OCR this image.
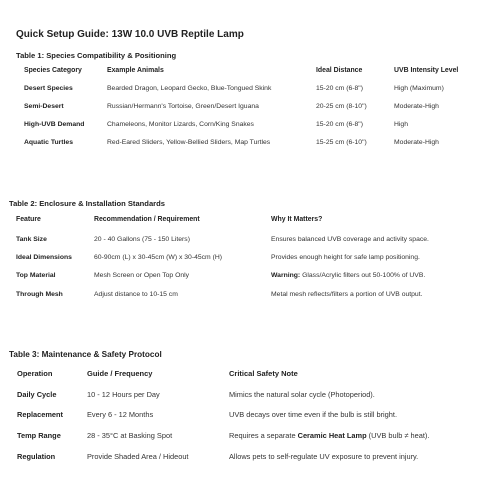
Quick Setup Guide: 13W 10.0 UVB Reptile Lamp
Table 1: Species Compatibility & Positioning
Species Category	Example Animals	Ideal Distance	UVB Intensity Level
Desert Species	Bearded Dragon, Leopard Gecko, Blue-Tongued Skink	15-20 cm (6-8")	High (Maximum)
Semi-Desert	Russian/Hermann's Tortoise, Green/Desert Iguana	20-25 cm (8-10")	Moderate-High
High-UVB Demand	Chameleons, Monitor Lizards, Corn/King Snakes	15-20 cm (6-8")	High
Aquatic Turtles	Red-Eared Sliders, Yellow-Bellied Sliders, Map Turtles	15-25 cm (6-10")	Moderate-High
Table 2: Enclosure & Installation Standards
Feature	Recommendation / Requirement	Why It Matters?
Tank Size	20 - 40 Gallons (75 - 150 Liters)	Ensures balanced UVB coverage and activity space.
Ideal Dimensions	60-90cm (L) x 30-45cm (W) x 30-45cm (H)	Provides enough height for safe lamp positioning.
Top Material	Mesh Screen or Open Top Only	Warning: Glass/Acrylic filters out 50-100% of UVB.
Through Mesh	Adjust distance to 10-15 cm	Metal mesh reflects/filters a portion of UVB output.
Table 3: Maintenance & Safety Protocol
Operation	Guide / Frequency	Critical Safety Note
Daily Cycle	10 - 12 Hours per Day	Mimics the natural solar cycle (Photoperiod).
Replacement	Every 6 - 12 Months	UVB decays over time even if the bulb is still bright.
Temp Range	28 - 35°C at Basking Spot	Requires a separate Ceramic Heat Lamp (UVB bulb ≠ heat).
Regulation	Provide Shaded Area / Hideout	Allows pets to self-regulate UV exposure to prevent injury.
